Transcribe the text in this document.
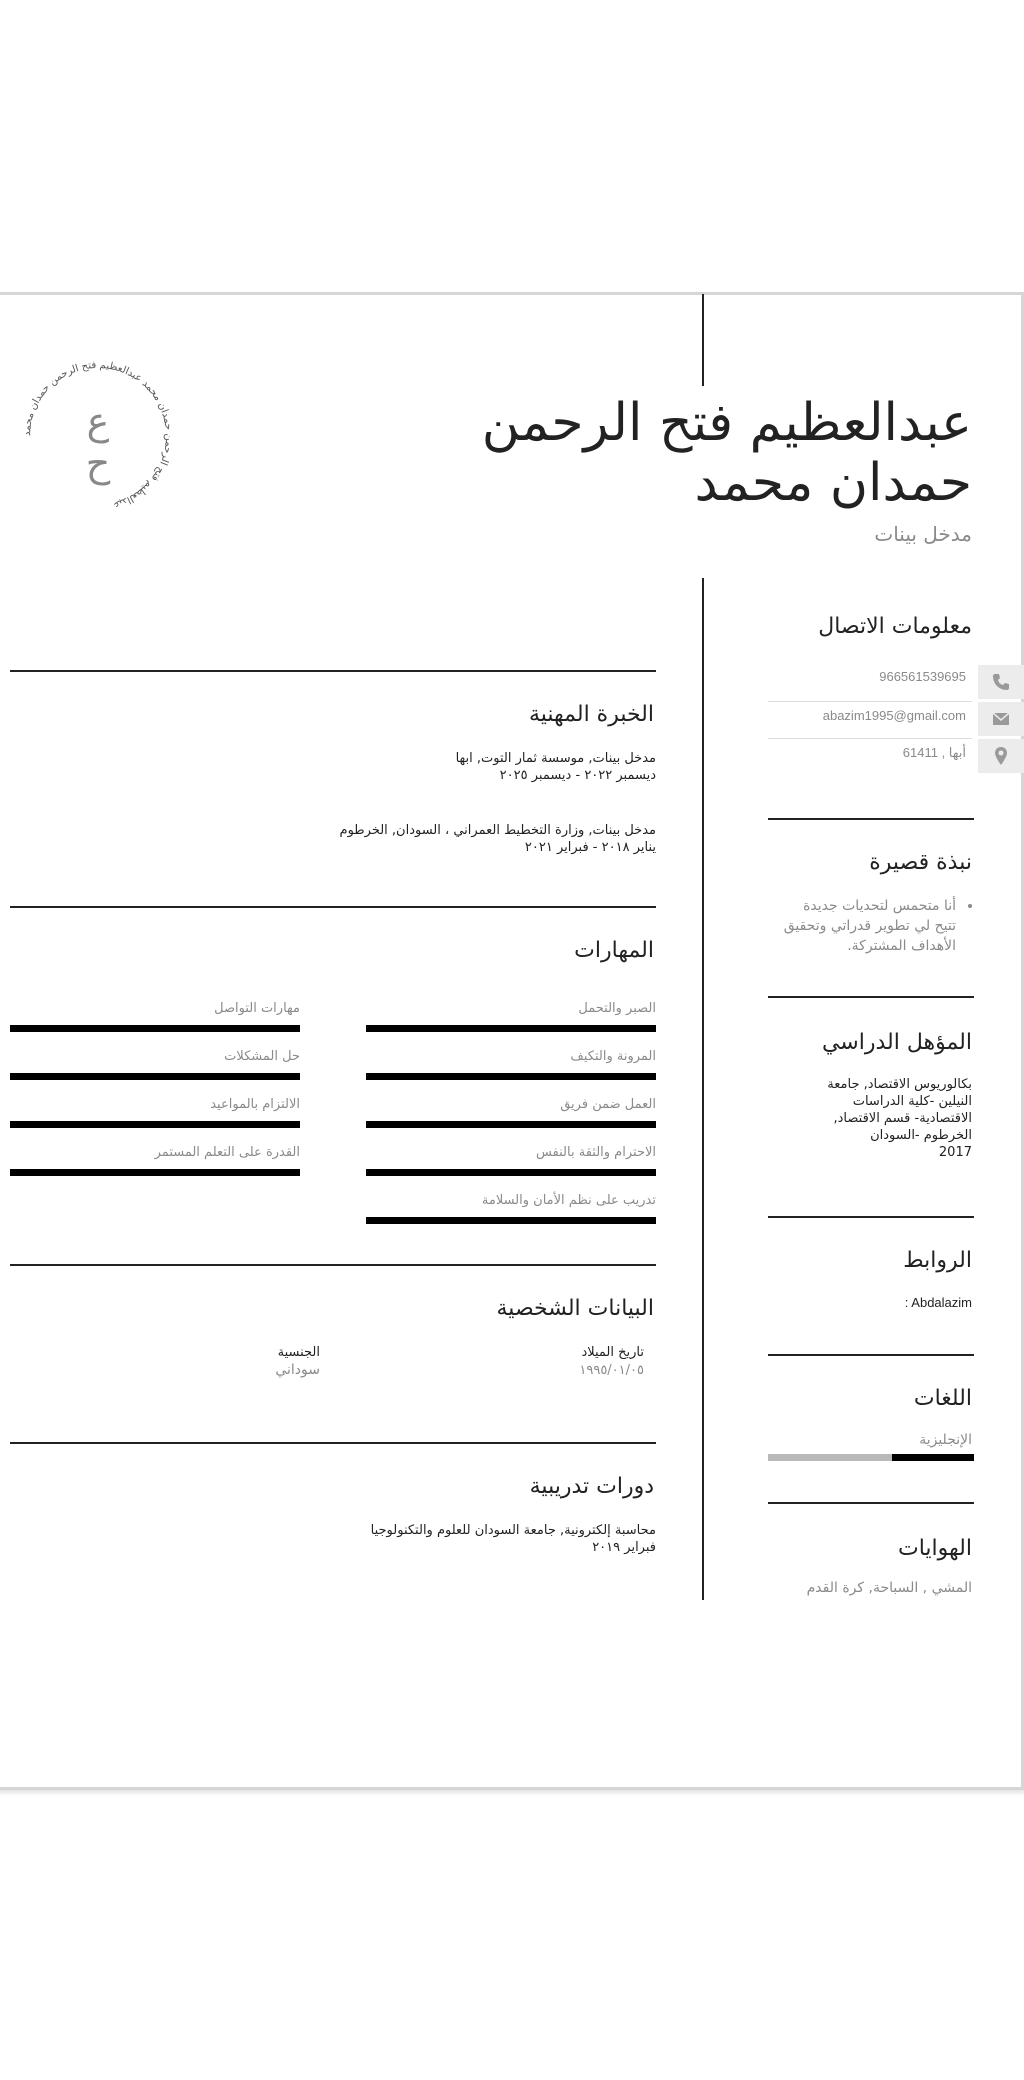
عبدالعظيم فتح الرحمن حمدان محمد عبدالعظيم فتح الرحمن حمدان محمد
ع
ح
عبدالعظيم فتح الرحمن
حمدان محمد
مدخل بينات
معلومات الاتصال
966561539695
abazim1995@gmail.com
أبها , 61411
نبذة قصيرة
أنا متحمس لتحديات جديدة
تتيح لي تطوير قدراتي وتحقيق
الأهداف المشتركة.
المؤهل الدراسي
بكالوريوس الاقتصاد, جامعة
النيلين -كلية الدراسات
الاقتصادية- قسم الاقتصاد,
الخرطوم -السودان
2017
الروابط
: Abdalazim
اللغات
الإنجليزية
الهوايات
المشي , السباحة, كرة القدم
الخبرة المهنية
مدخل بينات, موسسة ثمار التوت, ابها
ديسمبر ٢٠٢٢ - ديسمبر ٢٠٢٥
مدخل بينات, وزارة التخطيط العمراني ، السودان, الخرطوم
يناير ٢٠١٨ - فبراير ٢٠٢١
المهارات
الصبر والتحمل
المرونة والتكيف
العمل ضمن فريق
الاحترام والثقة بالنفس
تدريب على نظم الأمان والسلامة
مهارات التواصل
حل المشكلات
الالتزام بالمواعيد
القدرة على التعلم المستمر
البيانات الشخصية
تاريخ الميلاد
١٩٩٥/٠١/٠٥
الجنسية
سوداني
دورات تدريبية
محاسبة إلكترونية, جامعة السودان للعلوم والتكنولوجيا
فبراير ٢٠١٩
